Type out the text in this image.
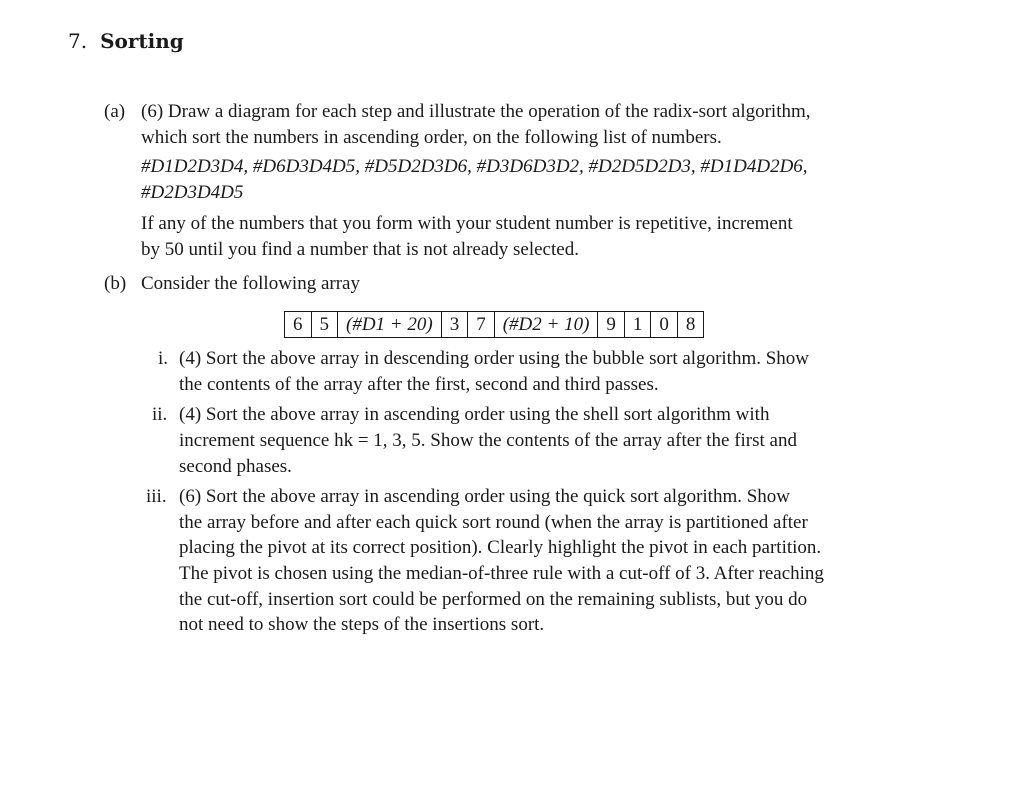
7. Sorting
(a) (6) Draw a diagram for each step and illustrate the operation of the radix-sort algorithm,
which sort the numbers in ascending order, on the following list of numbers.
#D1D2D3D4, #D6D3D4D5, #D5D2D3D6, #D3D6D3D2, #D2D5D2D3, #D1D4D2D6,
#D2D3D4D5
If any of the numbers that you form with your student number is repetitive, increment
by 50 until you find a number that is not already selected.
(b) Consider the following array
6 5 (#D1 + 20) 3 7 (#D2 + 10) 9 1 0 8
i. (4) Sort the above array in descending order using the bubble sort algorithm. Show
the contents of the array after the first, second and third passes.
ii. (4) Sort the above array in ascending order using the shell sort algorithm with
increment sequence hk = 1, 3, 5. Show the contents of the array after the first and
second phases.
iii. (6) Sort the above array in ascending order using the quick sort algorithm. Show
the array before and after each quick sort round (when the array is partitioned after
placing the pivot at its correct position). Clearly highlight the pivot in each partition.
The pivot is chosen using the median-of-three rule with a cut-off of 3. After reaching
the cut-off, insertion sort could be performed on the remaining sublists, but you do
not need to show the steps of the insertions sort.
